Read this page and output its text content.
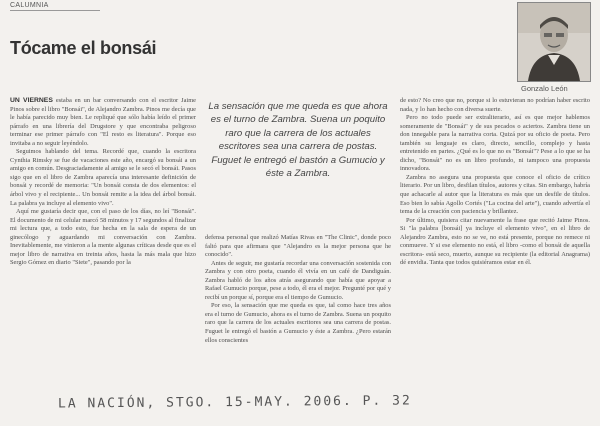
CALUMNIA
Tócame el bonsái
Gonzalo León

UN VIERNES estaba en un bar conversando con el escritor Jaime Pinos sobre el libro "Bonsái", de Alejandro Zambra. Pinos me decía que le había parecido muy bien. Le repliqué que sólo había leído el primer párrafo en una librería del Drugstore y que encontraba peligroso terminar ese primer párrafo con "El resto es literatura". Porque eso invitaba a no seguir leyéndolo.

Seguimos hablando del tema. Recordé que, cuando la escritora Cynthia Rimsky se fue de vacaciones este año, encargó su bonsái a un amigo en común. Desgraciadamente al amigo se le secó el bonsái. Pasos sigo que en el libro de Zambra aparecía una interesante definición de bonsái y recordé de memoria: "Un bonsái consta de dos elementos: el árbol vivo y el recipiente... Un bonsái remite a la idea del árbol bonsái. La palabra ya incluye al elemento vivo".

Aquí me gustaría decir que, con el paso de los días, no leí "Bonsái". El documento de mi celular marcó 58 minutos y 17 segundos al finalizar mi lectura que, a todo esto, fue hecha en la sala de espera de un ginecólogo y aguardando mi conversación con Zambra. Inevitablemente, me vinieron a la mente algunas críticas desde que es el mejor libro de narrativa en treinta años, hasta la más mala que hizo Sergio Gómez en diario "Siete", pasando por la

La sensación que me queda es que ahora es el turno de Zambra. Suena un poquito raro que la carrera de los actuales escritores sea una carrera de postas. Fuguet le entregó el bastón a Gumucio y éste a Zambra.

defensa personal que realizó Matías Rivas en "The Clinic", donde poco faltó para que afirmara que "Alejandro es la mejor persona que he conocido".

Antes de seguir, me gustaría recordar una conversación sostenida con Zambra y con otro poeta, cuando él vivía en un café de Dandiguán. Zambra habló de los años atrás asegurando que había que apoyar a Rafael Gumucio porque, pese a todo, él era el mejor. Pregunté por qué y recibí un porque sí, porque era el tiempo de Gumucio.

Por eso, la sensación que me queda es que, tal como hace tres años era el turno de Gumucio, ahora es el turno de Zambra. Suena un poquito raro que la carrera de los actuales escritores sea una carrera de postas. Fuguet le entregó el bastón a Gumucio y éste a Zambra. ¿Pero estarán ellos conscientes

de esto? No creo que no, porque si lo estuvieran no podrían haber escrito nada, y lo han hecho con diversa suerte.

Pero no todo puede ser extraliterario, así es que mejor hablemos someramente de "Bonsái" y de sus pecados o aciertos. Zambra tiene un don innegable para la narrativa corta. Quizá por su oficio de poeta. Pero también su lenguaje es claro, directo, sencillo, complejo y hasta entretenido en partes. ¿Qué es lo que no es "Bonsái"? Pese a lo que se ha dicho, "Bonsái" no es un libro profundo, ni tampoco una propuesta innovadora.

Zambra no asegura una propuesta que conoce el oficio de crítico literario. Por un libro, desfilan títulos, autores y citas. Sin embargo, habría que achacarle al autor que la literatura es más que un desfile de títulos. Eso bien lo sabía Agollo Cortés ("La cocina del arte"), cuando advertía el tema de la creación con paciencia y brillantez.

Por último, quisiera citar nuevamente la frase que recitó Jaime Pinos. Si "la palabra [bonsái] ya incluye el elemento vivo", en el libro de Alejandro Zambra, esto no se ve, no está presente, porque no remece ni conmueve. Y si ese elemento no está, el libro -como el bonsái de aquella escritora- está seco, muerto, aunque su recipiente (la editorial Anagrama) dé envidia. Tanta que todos quisiéramos estar en él.

LA NACIÓN, STGO. 15-MAY. 2006. P. 32
